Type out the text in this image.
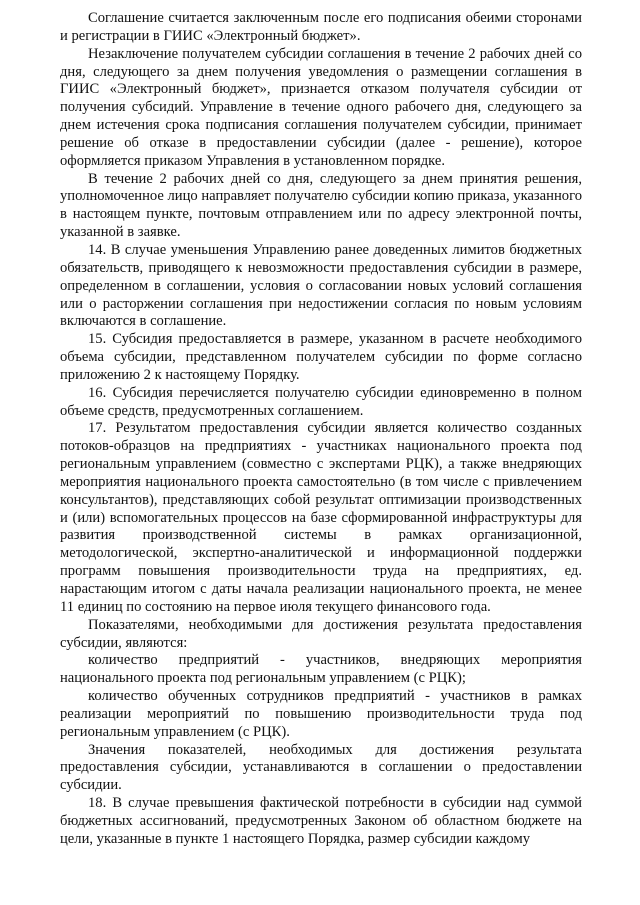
Соглашение считается заключенным после его подписания обеими сторонами и регистрации в ГИИС «Электронный бюджет».

Незаключение получателем субсидии соглашения в течение 2 рабочих дней со дня, следующего за днем получения уведомления о размещении соглашения в ГИИС «Электронный бюджет», признается отказом получателя субсидии от получения субсидий. Управление в течение одного рабочего дня, следующего за днем истечения срока подписания соглашения получателем субсидии, принимает решение об отказе в предоставлении субсидии (далее - решение), которое оформляется приказом Управления в установленном порядке.

В течение 2 рабочих дней со дня, следующего за днем принятия решения, уполномоченное лицо направляет получателю субсидии копию приказа, указанного в настоящем пункте, почтовым отправлением или по адресу электронной почты, указанной в заявке.

14. В случае уменьшения Управлению ранее доведенных лимитов бюджетных обязательств, приводящего к невозможности предоставления субсидии в размере, определенном в соглашении, условия о согласовании новых условий соглашения или о расторжении соглашения при недостижении согласия по новым условиям включаются в соглашение.

15. Субсидия предоставляется в размере, указанном в расчете необходимого объема субсидии, представленном получателем субсидии по форме согласно приложению 2 к настоящему Порядку.

16. Субсидия перечисляется получателю субсидии единовременно в полном объеме средств, предусмотренных соглашением.

17. Результатом предоставления субсидии является количество созданных потоков-образцов на предприятиях - участниках национального проекта под региональным управлением (совместно с экспертами РЦК), а также внедряющих мероприятия национального проекта самостоятельно (в том числе с привлечением консультантов), представляющих собой результат оптимизации производственных и (или) вспомогательных процессов на базе сформированной инфраструктуры для развития производственной системы в рамках организационной, методологической, экспертно-аналитической и информационной поддержки программ повышения производительности труда на предприятиях, ед. нарастающим итогом с даты начала реализации национального проекта, не менее 11 единиц по состоянию на первое июля текущего финансового года.

Показателями, необходимыми для достижения результата предоставления субсидии, являются:

количество предприятий - участников, внедряющих мероприятия национального проекта под региональным управлением (с РЦК);

количество обученных сотрудников предприятий - участников в рамках реализации мероприятий по повышению производительности труда под региональным управлением (с РЦК).

Значения показателей, необходимых для достижения результата предоставления субсидии, устанавливаются в соглашении о предоставлении субсидии.

18. В случае превышения фактической потребности в субсидии над суммой бюджетных ассигнований, предусмотренных Законом об областном бюджете на цели, указанные в пункте 1 настоящего Порядка, размер субсидии каждому
